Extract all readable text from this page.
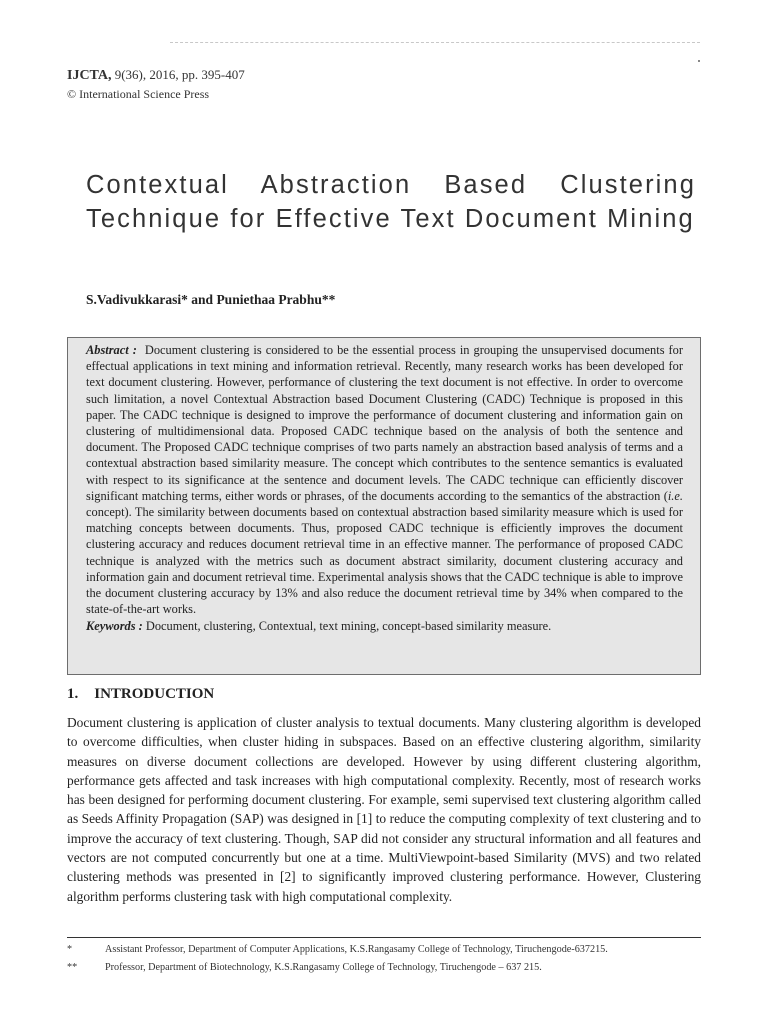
IJCTA, 9(36), 2016, pp. 395-407
© International Science Press
Contextual Abstraction Based Clustering Technique for Effective Text Document Mining
S.Vadivukkarasi* and Puniethaa Prabhu**

Abstract : Document clustering is considered to be the essential process in grouping the unsupervised documents for effectual applications in text mining and information retrieval. Recently, many research works has been developed for text document clustering. However, performance of clustering the text document is not effective. In order to overcome such limitation, a novel Contextual Abstraction based Document Clustering (CADC) Technique is proposed in this paper. The CADC technique is designed to improve the performance of document clustering and information gain on clustering of multidimensional data. Proposed CADC technique based on the analysis of both the sentence and document. The Proposed CADC technique comprises of two parts namely an abstraction based analysis of terms and a contextual abstraction based similarity measure. The concept which contributes to the sentence semantics is evaluated with respect to its significance at the sentence and document levels. The CADC technique can efficiently discover significant matching terms, either words or phrases, of the documents according to the semantics of the abstraction (i.e. concept). The similarity between documents based on contextual abstraction based similarity measure which is used for matching concepts between documents. Thus, proposed CADC technique is efficiently improves the document clustering accuracy and reduces document retrieval time in an effective manner. The performance of proposed CADC technique is analyzed with the metrics such as document abstract similarity, document clustering accuracy and information gain and document retrieval time. Experimental analysis shows that the CADC technique is able to improve the document clustering accuracy by 13% and also reduce the document retrieval time by 34% when compared to the state-of-the-art works.

Keywords : Document, clustering, Contextual, text mining, concept-based similarity measure.

1. INTRODUCTION

Document clustering is application of cluster analysis to textual documents. Many clustering algorithm is developed to overcome difficulties, when cluster hiding in subspaces. Based on an effective clustering algorithm, similarity measures on diverse document collections are developed. However by using different clustering algorithm, performance gets affected and task increases with high computational complexity. Recently, most of research works has been designed for performing document clustering. For example, semi supervised text clustering algorithm called as Seeds Affinity Propagation (SAP) was designed in [1] to reduce the computing complexity of text clustering and to improve the accuracy of text clustering. Though, SAP did not consider any structural information and all features and vectors are not computed concurrently but one at a time. MultiViewpoint-based Similarity (MVS) and two related clustering methods was presented in [2] to significantly improved clustering performance. However, Clustering algorithm performs clustering task with high computational complexity.

*	Assistant Professor, Department of Computer Applications, K.S.Rangasamy College of Technology, Tiruchengode-637215.
**	Professor, Department of Biotechnology, K.S.Rangasamy College of Technology, Tiruchengode – 637 215.
